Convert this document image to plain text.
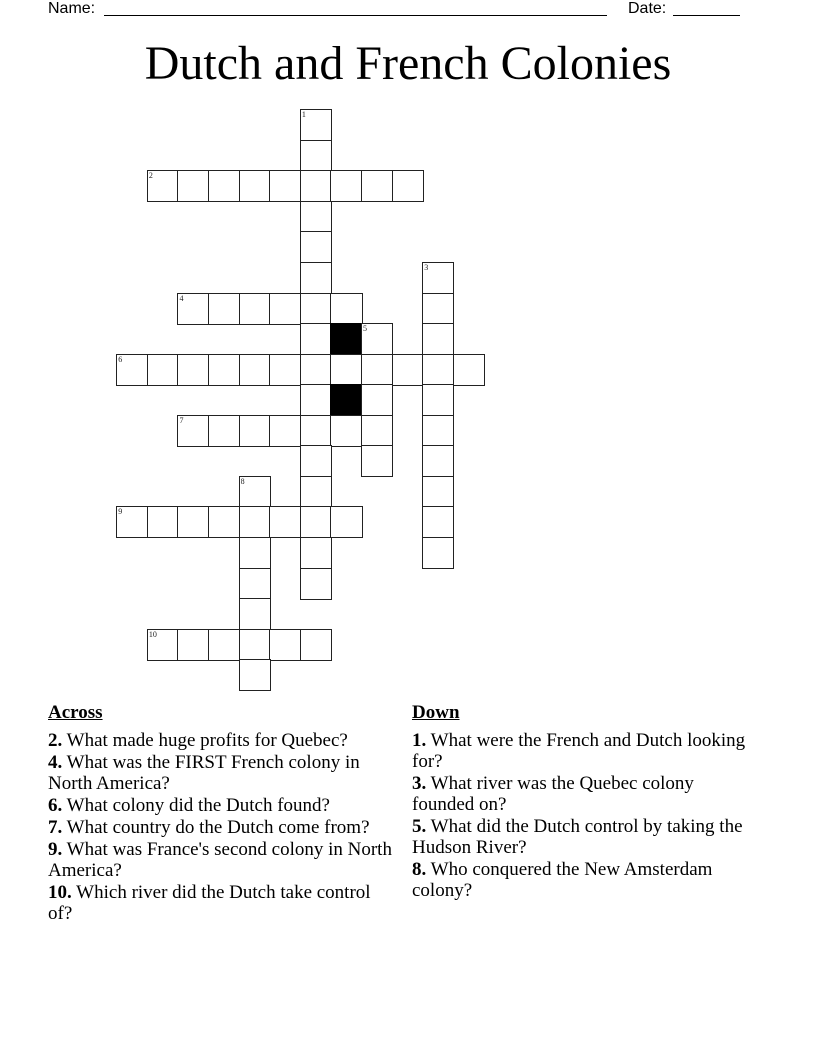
Name:	Date:
Dutch and French Colonies
1
2
3
4
5
6
7
8
9
10
Across
2. What made huge profits for Quebec?
4. What was the FIRST French colony in North America?
6. What colony did the Dutch found?
7. What country do the Dutch come from?
9. What was France's second colony in North America?
10. Which river did the Dutch take control of?
Down
1. What were the French and Dutch looking for?
3. What river was the Quebec colony founded on?
5. What did the Dutch control by taking the Hudson River?
8. Who conquered the New Amsterdam colony?
